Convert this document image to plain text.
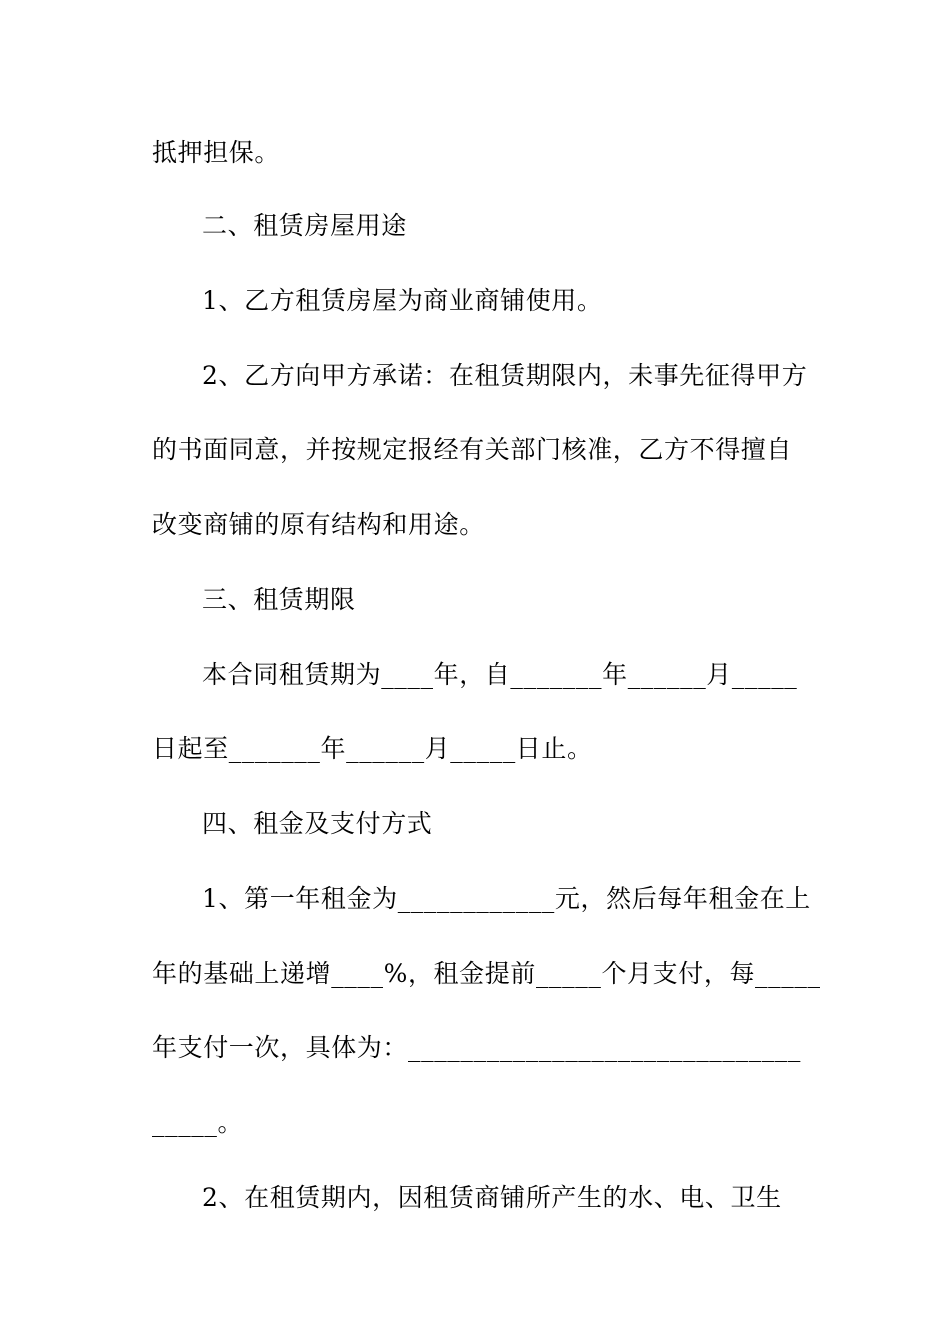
抵押担保。
二、租赁房屋用途
1、乙方租赁房屋为商业商铺使用。
2、乙方向甲方承诺：在租赁期限内，未事先征得甲方
的书面同意，并按规定报经有关部门核准，乙方不得擅自
改变商铺的原有结构和用途。
三、租赁期限
本合同租赁期为____年，自_______年______月_____
日起至_______年______月_____日止。
四、租金及支付方式
1、第一年租金为____________元，然后每年租金在上
年的基础上递增____%，租金提前_____个月支付，每_____
年支付一次，具体为：______________________________
_____。
2、在租赁期内，因租赁商铺所产生的水、电、卫生
